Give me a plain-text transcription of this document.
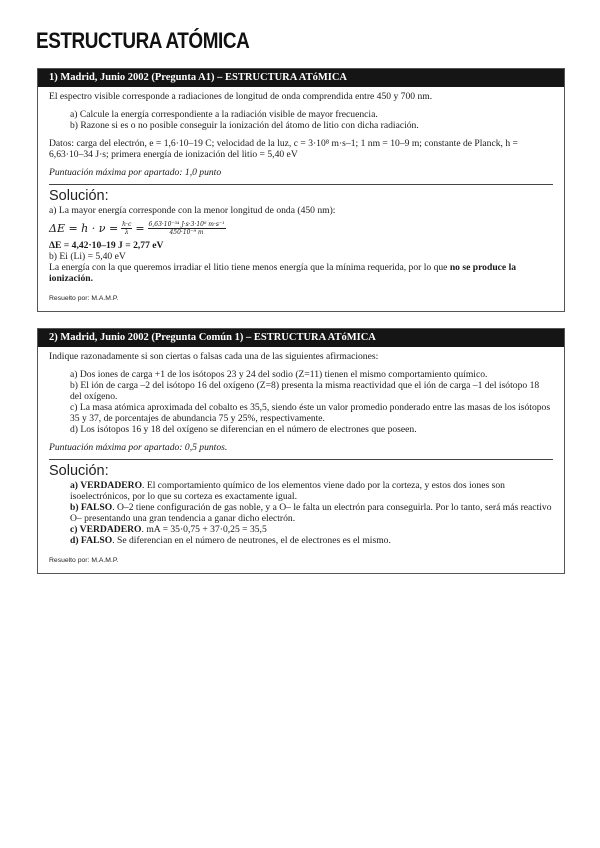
ESTRUCTURA ATÓMICA
1) Madrid, Junio 2002 (Pregunta A1) – ESTRUCTURA ATóMICA

El espectro visible corresponde a radiaciones de longitud de onda comprendida entre 450 y 700 nm.

a) Calcule la energía correspondiente a la radiación visible de mayor frecuencia.

b) Razone si es o no posible conseguir la ionización del átomo de litio con dicha radiación.

Datos: carga del electrón, e = 1,6·10–19 C; velocidad de la luz, c = 3·10⁸ m·s–1; 1 nm = 10–9 m; constante de Planck, h = 6,63·10–34 J·s; primera energía de ionización del litio = 5,40 eV

Puntuación máxima por apartado: 1,0 punto

Solución:

a) La mayor energía corresponde con la menor longitud de onda (450 nm):

$\Delta E = h \cdot \nu = \frac{h\cdot c}{\lambda} = \frac{\text{6,63·10⁻³⁴ J·s·3·10⁸ m·s⁻¹}}{\text{450·10⁻⁹ m}}$

ΔE = 4,42·10–19 J = 2,77 eV

b) Ei (Li) = 5,40 eV

La energía con la que queremos irradiar el litio tiene menos energía que la mínima requerida, por lo que no se produce la ionización.

Resuelto por: M.A.M.P.
2) Madrid, Junio 2002 (Pregunta Común 1) – ESTRUCTURA ATóMICA

Indique razonadamente si son ciertas o falsas cada una de las siguientes afirmaciones:

a) Dos iones de carga +1 de los isótopos 23 y 24 del sodio (Z=11) tienen el mismo comportamiento químico.

b) El ión de carga –2 del isótopo 16 del oxígeno (Z=8) presenta la misma reactividad que el ión de carga –1 del isótopo 18 del oxígeno.

c) La masa atómica aproximada del cobalto es 35,5, siendo éste un valor promedio ponderado entre las masas de los isótopos 35 y 37, de porcentajes de abundancia 75 y 25%, respectivamente.

d) Los isótopos 16 y 18 del oxígeno se diferencian en el número de electrones que poseen.

Puntuación máxima por apartado: 0,5 puntos.

Solución:

a) VERDADERO. El comportamiento químico de los elementos viene dado por la corteza, y estos dos iones son isoelectrónicos, por lo que su corteza es exactamente igual.

b) FALSO. O–2 tiene configuración de gas noble, y a O– le falta un electrón para conseguirla. Por lo tanto, será más reactivo O– presentando una gran tendencia a ganar dicho electrón.

c) VERDADERO. mA = 35·0,75 + 37·0,25 = 35,5

d) FALSO. Se diferencian en el número de neutrones, el de electrones es el mismo.

Resuelto por: M.A.M.P.
